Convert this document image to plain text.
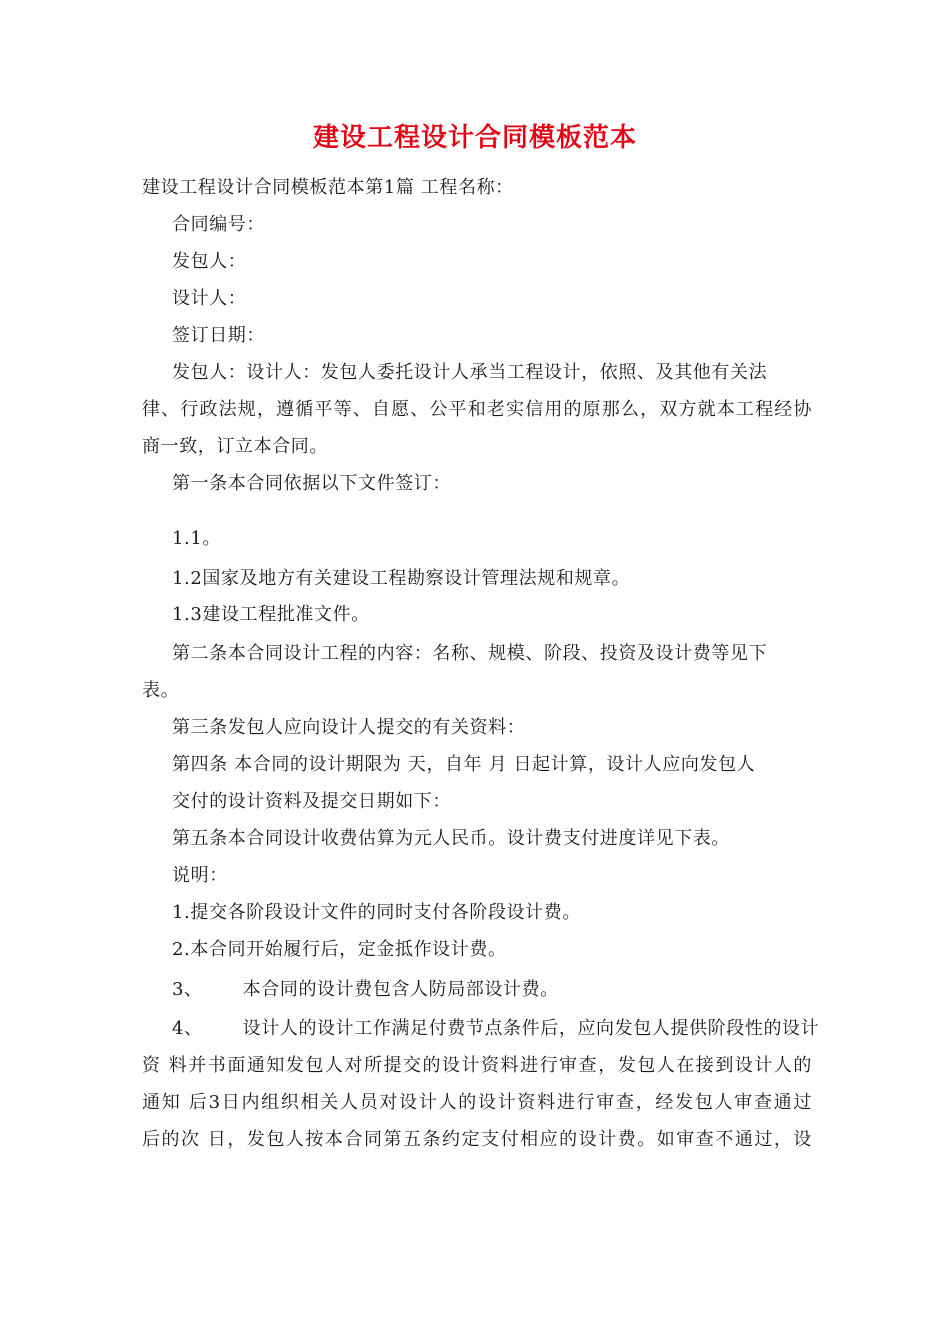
建设工程设计合同模板范本
建设工程设计合同模板范本第1篇 工程名称：
合同编号：
发包人：
设计人：
签订日期：
发包人：设计人：发包人委托设计人承当工程设计，依照、及其他有关法
律、行政法规，遵循平等、自愿、公平和老实信用的原那么，双方就本工程经协
商一致，订立本合同。
第一条本合同依据以下文件签订：
1.1。
1.2国家及地方有关建设工程勘察设计管理法规和规章。
1.3建设工程批准文件。
第二条本合同设计工程的内容：名称、规模、阶段、投资及设计费等见下
表。
第三条发包人应向设计人提交的有关资料：
第四条 本合同的设计期限为 天，自年 月 日起计算，设计人应向发包人
交付的设计资料及提交日期如下：
第五条本合同设计收费估算为元人民币。设计费支付进度详见下表。
说明：
1.提交各阶段设计文件的同时支付各阶段设计费。
2.本合同开始履行后，定金抵作设计费。
3、 本合同的设计费包含人防局部设计费。
4、 设计人的设计工作满足付费节点条件后，应向发包人提供阶段性的设计
资 料并书面通知发包人对所提交的设计资料进行审查，发包人在接到设计人的
通知 后3日内组织相关人员对设计人的设计资料进行审查，经发包人审查通过
后的次 日，发包人按本合同第五条约定支付相应的设计费。如审查不通过，设
